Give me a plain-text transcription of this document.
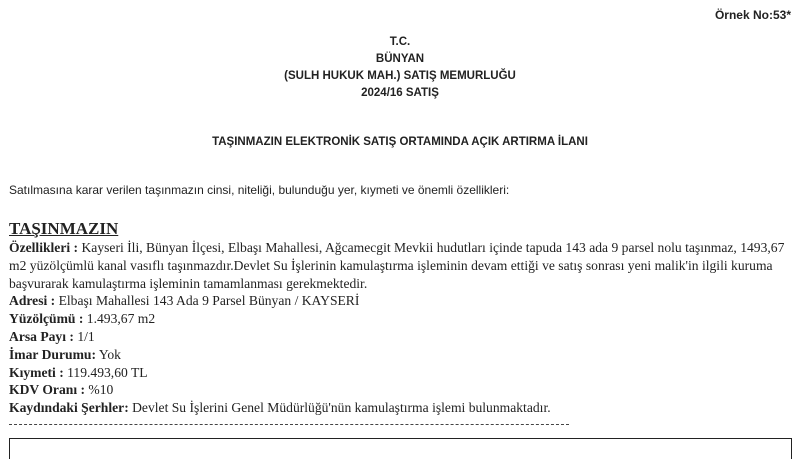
Örnek No:53*
T.C.
BÜNYAN
(SULH HUKUK MAH.) SATIŞ MEMURLUĞU
2024/16 SATIŞ
TAŞINMAZIN ELEKTRONİK SATIŞ ORTAMINDA AÇIK ARTIRMA İLANI
Satılmasına karar verilen taşınmazın cinsi, niteliği, bulunduğu yer, kıymeti ve önemli özellikleri:
TAŞINMAZIN
Özellikleri : Kayseri İli, Bünyan İlçesi, Elbaşı Mahallesi, Ağcamecgit Mevkii hudutları içinde tapuda 143 ada 9 parsel nolu taşınmaz, 1493,67 m2 yüzölçümlü kanal vasıflı taşınmazdır.Devlet Su İşlerinin kamulaştırma işleminin devam ettiği ve satış sonrası yeni malik'in ilgili kuruma başvurarak kamulaştırma işleminin tamamlanması gerekmektedir.
Adresi : Elbaşı Mahallesi 143 Ada 9 Parsel Bünyan / KAYSERİ
Yüzölçümü : 1.493,67 m2
Arsa Payı : 1/1
İmar Durumu: Yok
Kıymeti : 119.493,60 TL
KDV Oranı : %10
Kaydındaki Şerhler: Devlet Su İşlerini Genel Müdürlüğü'nün kamulaştırma işlemi bulunmaktadır.
